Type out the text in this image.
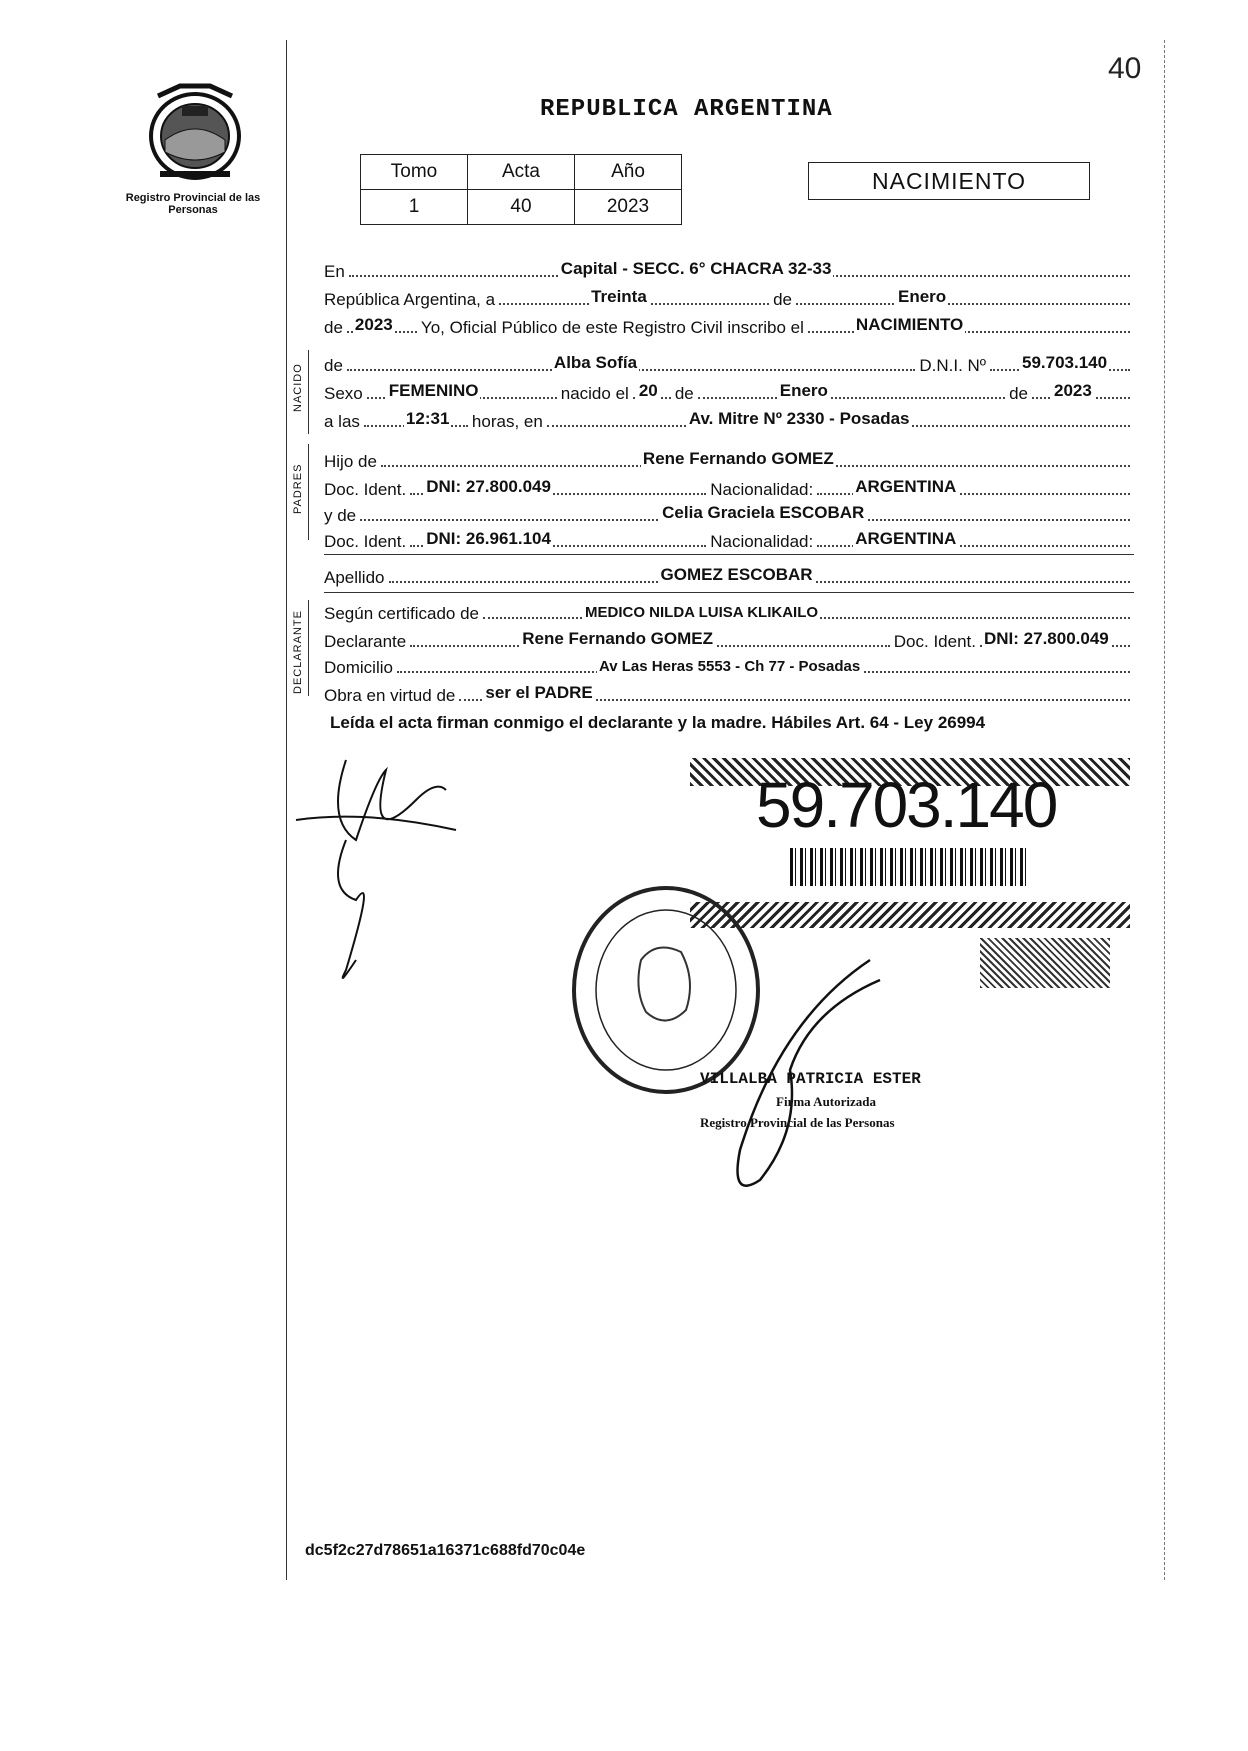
40
Registro Provincial de las Personas
REPUBLICA ARGENTINA
Tomo	Acta	Año
1	40	2023
NACIMIENTO
NACIDO
PADRES
DECLARANTE
En	Capital - SECC. 6° CHACRA 32-33
República Argentina, a	Treinta	de	Enero
de 2023 Yo, Oficial Público de este Registro Civil inscribo el	NACIMIENTO
de	Alba Sofía	D.N.I. Nº 59.703.140
Sexo FEMENINO	nacido el 20 de	Enero	de 2023
a las	12:31 horas, en	Av. Mitre Nº 2330 - Posadas
Hijo de	Rene Fernando GOMEZ
Doc. Ident. DNI: 27.800.049	Nacionalidad: ARGENTINA
y de	Celia Graciela ESCOBAR
Doc. Ident. DNI: 26.961.104	Nacionalidad: ARGENTINA
Apellido	GOMEZ ESCOBAR
Según certificado de	MEDICO NILDA LUISA KLIKAILO
Declarante	Rene Fernando GOMEZ	Doc. Ident. DNI: 27.800.049
Domicilio	Av Las Heras 5553 - Ch 77 - Posadas
Obra en virtud de ser el PADRE
Leída el acta firman conmigo el declarante y la madre. Hábiles Art. 64 - Ley 26994
59.703.140
VILLALBA PATRICIA ESTER
Firma Autorizada
Registro Provincial de las Personas
dc5f2c27d78651a16371c688fd70c04e
